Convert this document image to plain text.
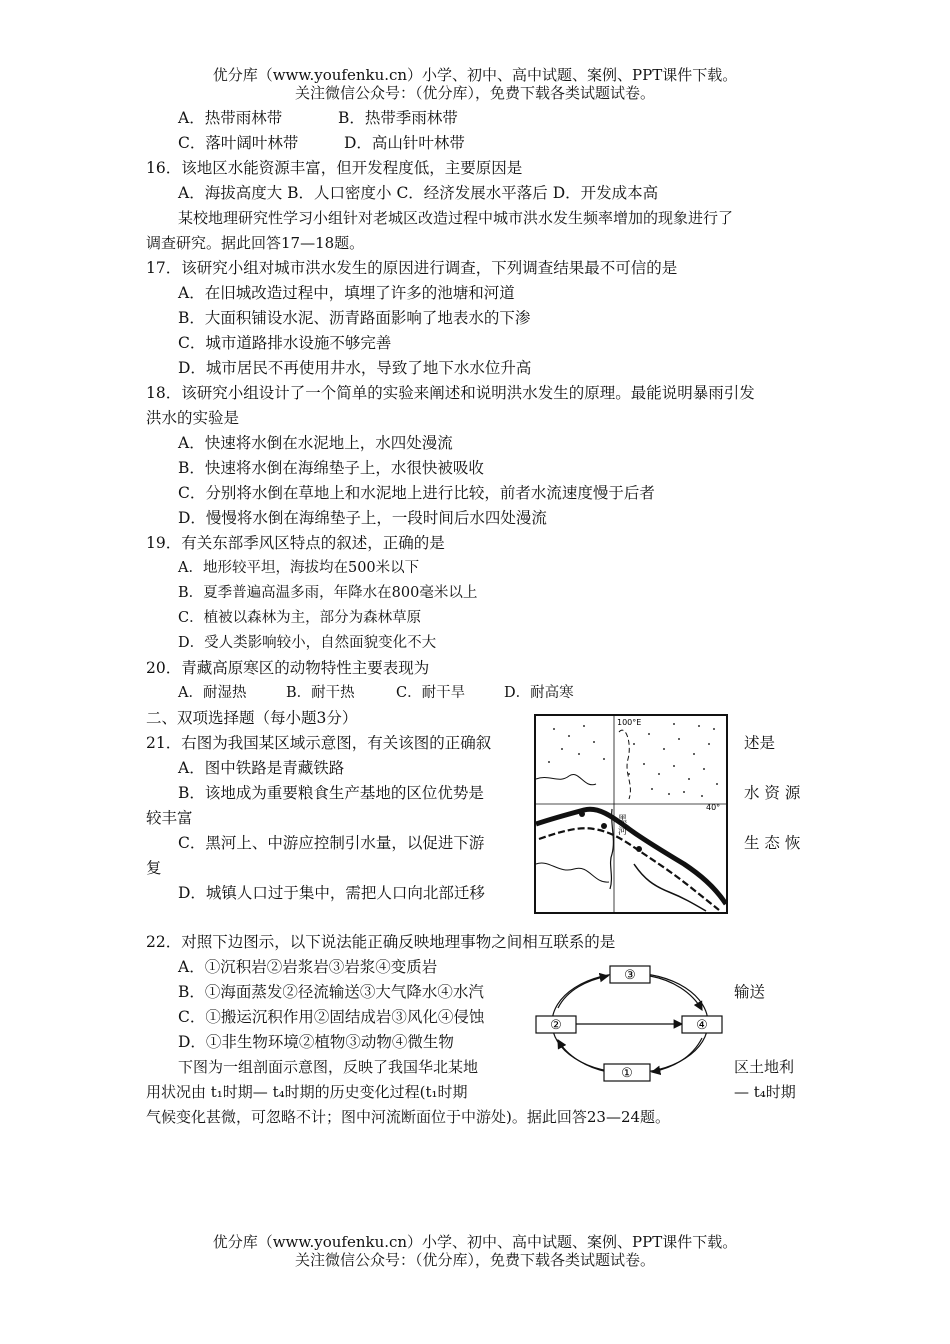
优分库（www.youfenku.cn）小学、初中、高中试题、案例、PPT课件下载。
关注微信公众号：（优分库），免费下载各类试题试卷。
A．热带雨林带	B．热带季雨林带
C．落叶阔叶林带	D．高山针叶林带
16．该地区水能资源丰富，但开发程度低，主要原因是
A．海拔高度大 B．人口密度小 C．经济发展水平落后 D．开发成本高
某校地理研究性学习小组针对老城区改造过程中城市洪水发生频率增加的现象进行了
调查研究。据此回答17—18题。
17．该研究小组对城市洪水发生的原因进行调查，下列调查结果最不可信的是
A．在旧城改造过程中，填埋了许多的池塘和河道
B．大面积铺设水泥、沥青路面影响了地表水的下渗
C．城市道路排水设施不够完善
D．城市居民不再使用井水，导致了地下水水位升高
18．该研究小组设计了一个简单的实验来阐述和说明洪水发生的原理。最能说明暴雨引发
洪水的实验是
A．快速将水倒在水泥地上，水四处漫流
B．快速将水倒在海绵垫子上，水很快被吸收
C．分别将水倒在草地上和水泥地上进行比较，前者水流速度慢于后者
D．慢慢将水倒在海绵垫子上，一段时间后水四处漫流
19．有关东部季风区特点的叙述，正确的是
A．地形较平坦，海拔均在500米以下
B．夏季普遍高温多雨，年降水在800毫米以上
C．植被以森林为主，部分为森林草原
D．受人类影响较小，自然面貌变化不大
20．青藏高原寒区的动物特性主要表现为
A．耐湿热	B．耐干热	C．耐干旱	D．耐高寒
二、双项选择题（每小题3分）
21．右图为我国某区域示意图，有关该图的正确叙	述是
A．图中铁路是青藏铁路
B．该地成为重要粮食生产基地的区位优势是	水 资 源
较丰富
C．黑河上、中游应控制引水量，以促进下游	生 态 恢
复
D．城镇人口过于集中，需把人口向北部迁移
100°E
40°
黑
河
22．对照下边图示，以下说法能正确反映地理事物之间相互联系的是
A．①沉积岩②岩浆岩③岩浆④变质岩
B．①海面蒸发②径流输送③大气降水④水汽	输送
C．①搬运沉积作用②固结成岩③风化④侵蚀
D．①非生物环境②植物③动物④微生物
③
②	④
①
下图为一组剖面示意图，反映了我国华北某地	区土地利
用状况由 t₁时期— t₄时期的历史变化过程(t₁时期	— t₄时期
气候变化甚微，可忽略不计；图中河流断面位于中游处)。据此回答23—24题。
优分库（www.youfenku.cn）小学、初中、高中试题、案例、PPT课件下载。
关注微信公众号：（优分库），免费下载各类试题试卷。
